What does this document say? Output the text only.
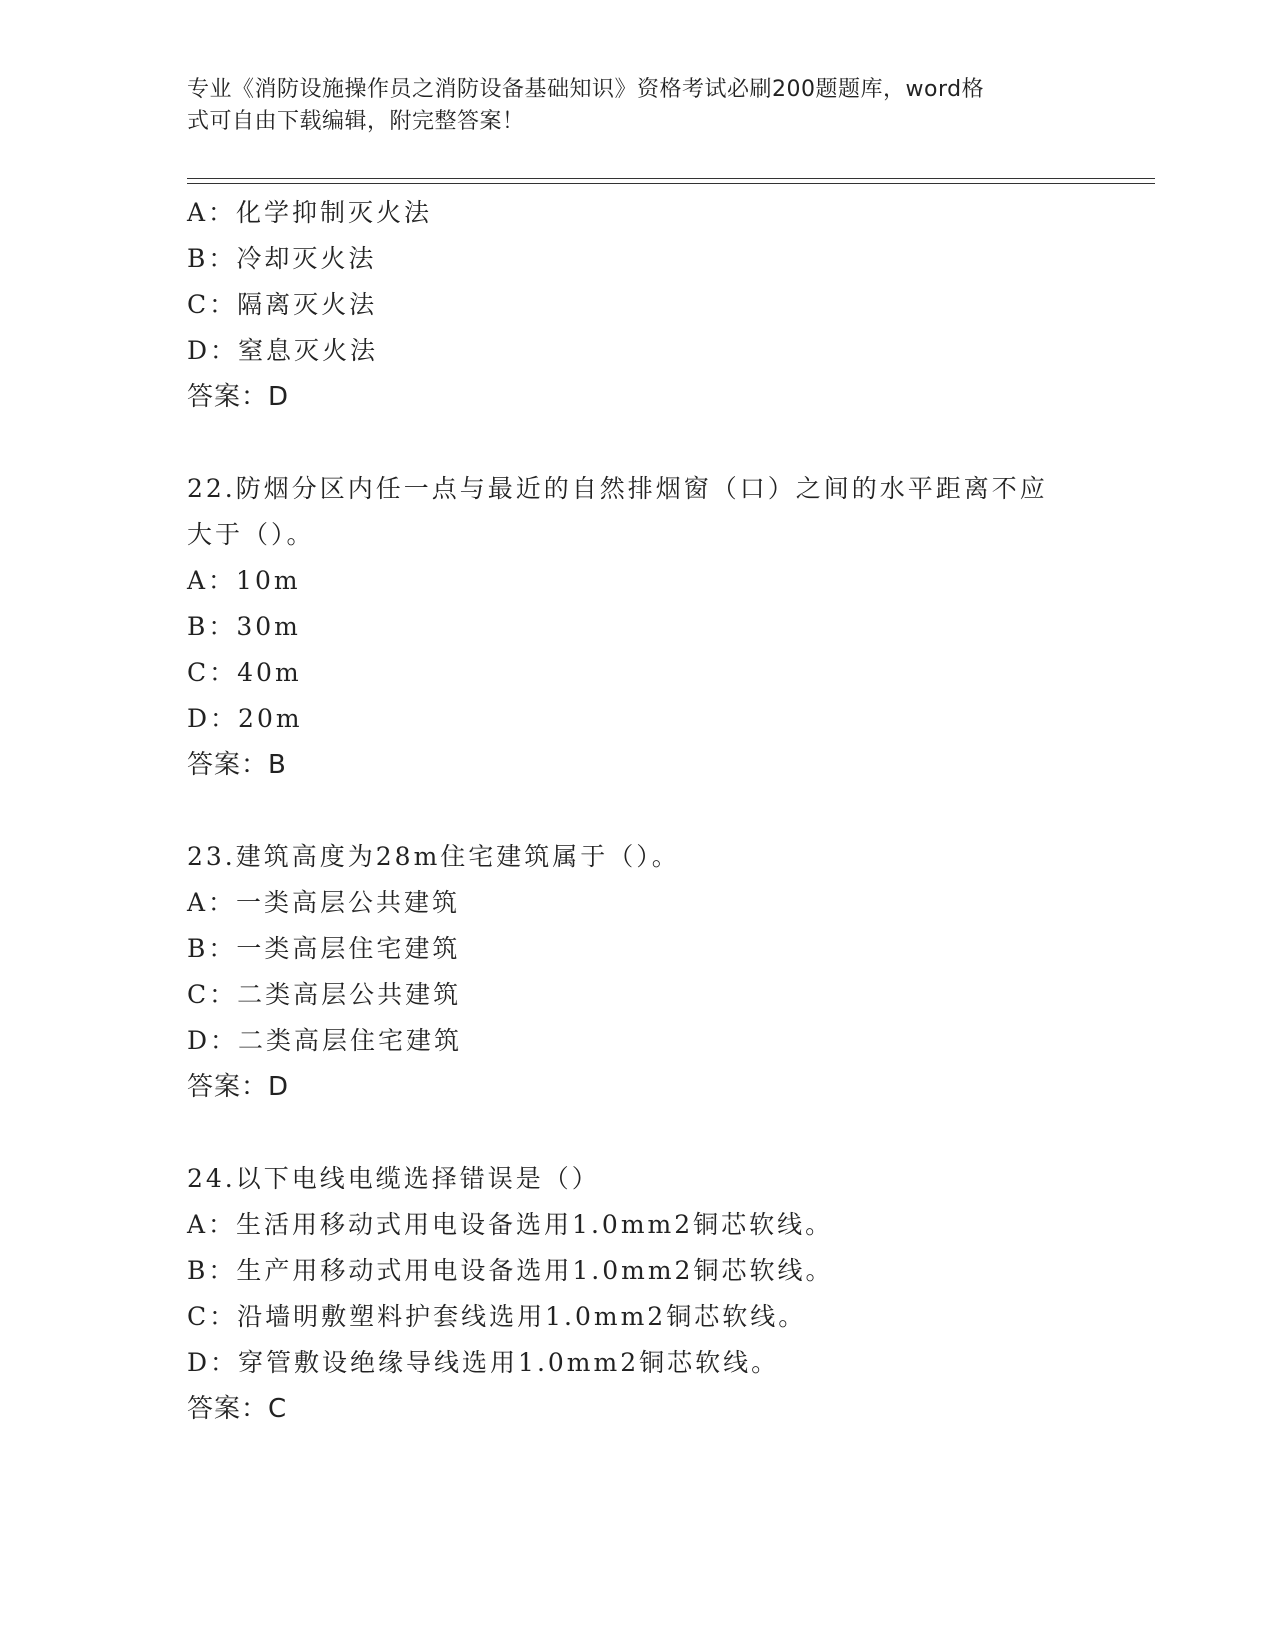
专业《消防设施操作员之消防设备基础知识》资格考试必刷200题题库，word格
式可自由下载编辑，附完整答案！
A：化学抑制灭火法
B：冷却灭火法
C：隔离灭火法
D：窒息灭火法
答案：D
22.防烟分区内任一点与最近的自然排烟窗（口）之间的水平距离不应
大于（）。
A：10m
B：30m
C：40m
D：20m
答案：B
23.建筑高度为28m住宅建筑属于（）。
A：一类高层公共建筑
B：一类高层住宅建筑
C：二类高层公共建筑
D：二类高层住宅建筑
答案：D
24.以下电线电缆选择错误是（）
A：生活用移动式用电设备选用1.0mm2铜芯软线。
B：生产用移动式用电设备选用1.0mm2铜芯软线。
C：沿墙明敷塑料护套线选用1.0mm2铜芯软线。
D：穿管敷设绝缘导线选用1.0mm2铜芯软线。
答案：C
